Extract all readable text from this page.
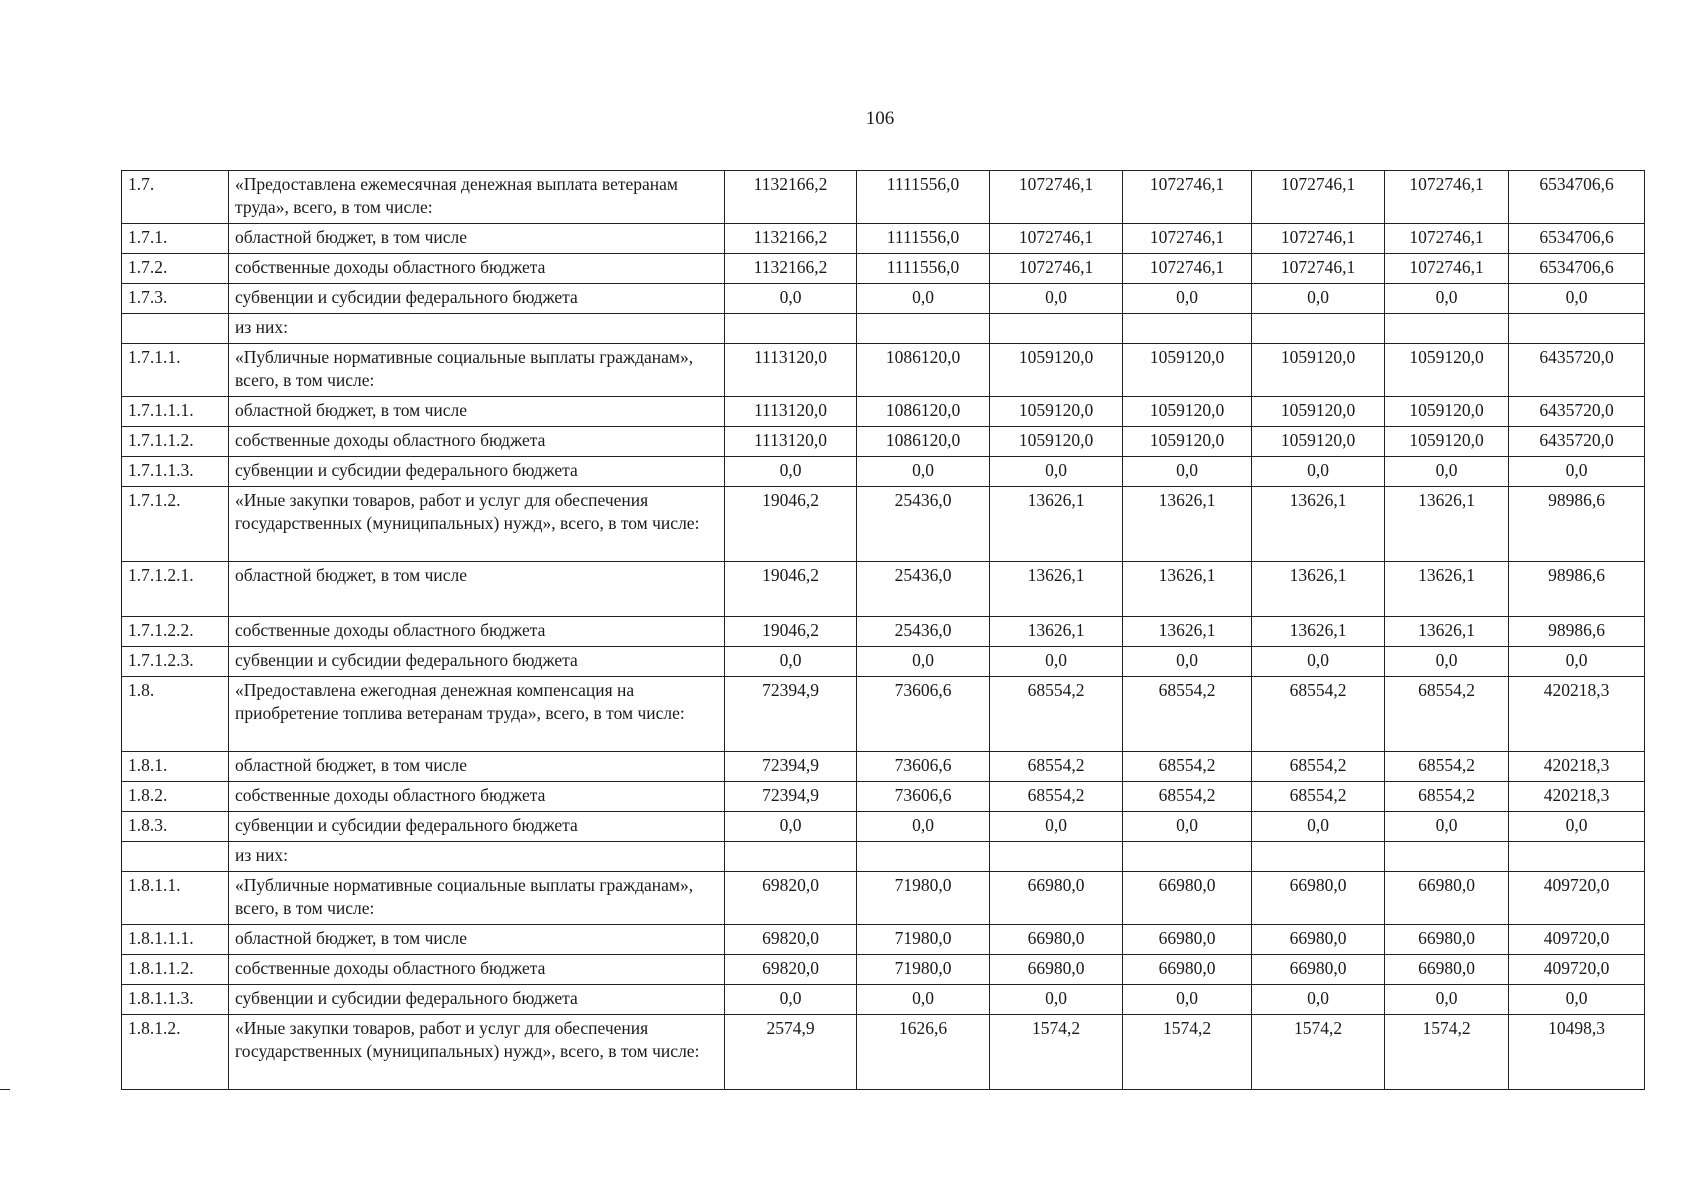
106
1.7.	«Предоставлена ежемесячная денежная выплата ветеранам труда», всего, в том числе:	1132166,2	1111556,0	1072746,1	1072746,1	1072746,1	1072746,1	6534706,6
1.7.1.	областной бюджет, в том числе	1132166,2	1111556,0	1072746,1	1072746,1	1072746,1	1072746,1	6534706,6
1.7.2.	собственные доходы областного бюджета	1132166,2	1111556,0	1072746,1	1072746,1	1072746,1	1072746,1	6534706,6
1.7.3.	субвенции и субсидии федерального бюджета	0,0	0,0	0,0	0,0	0,0	0,0	0,0
	из них:							
1.7.1.1.	«Публичные нормативные социальные выплаты гражданам», всего, в том числе:	1113120,0	1086120,0	1059120,0	1059120,0	1059120,0	1059120,0	6435720,0
1.7.1.1.1.	областной бюджет, в том числе	1113120,0	1086120,0	1059120,0	1059120,0	1059120,0	1059120,0	6435720,0
1.7.1.1.2.	собственные доходы областного бюджета	1113120,0	1086120,0	1059120,0	1059120,0	1059120,0	1059120,0	6435720,0
1.7.1.1.3.	субвенции и субсидии федерального бюджета	0,0	0,0	0,0	0,0	0,0	0,0	0,0
1.7.1.2.	«Иные закупки товаров, работ и услуг для обеспечения государственных (муниципальных) нужд», всего, в том числе:	19046,2	25436,0	13626,1	13626,1	13626,1	13626,1	98986,6
1.7.1.2.1.	областной бюджет, в том числе	19046,2	25436,0	13626,1	13626,1	13626,1	13626,1	98986,6
1.7.1.2.2.	собственные доходы областного бюджета	19046,2	25436,0	13626,1	13626,1	13626,1	13626,1	98986,6
1.7.1.2.3.	субвенции и субсидии федерального бюджета	0,0	0,0	0,0	0,0	0,0	0,0	0,0
1.8.	«Предоставлена ежегодная денежная компенсация на приобретение топлива ветеранам труда», всего, в том числе:	72394,9	73606,6	68554,2	68554,2	68554,2	68554,2	420218,3
1.8.1.	областной бюджет, в том числе	72394,9	73606,6	68554,2	68554,2	68554,2	68554,2	420218,3
1.8.2.	собственные доходы областного бюджета	72394,9	73606,6	68554,2	68554,2	68554,2	68554,2	420218,3
1.8.3.	субвенции и субсидии федерального бюджета	0,0	0,0	0,0	0,0	0,0	0,0	0,0
	из них:							
1.8.1.1.	«Публичные нормативные социальные выплаты гражданам», всего, в том числе:	69820,0	71980,0	66980,0	66980,0	66980,0	66980,0	409720,0
1.8.1.1.1.	областной бюджет, в том числе	69820,0	71980,0	66980,0	66980,0	66980,0	66980,0	409720,0
1.8.1.1.2.	собственные доходы областного бюджета	69820,0	71980,0	66980,0	66980,0	66980,0	66980,0	409720,0
1.8.1.1.3.	субвенции и субсидии федерального бюджета	0,0	0,0	0,0	0,0	0,0	0,0	0,0
1.8.1.2.	«Иные закупки товаров, работ и услуг для обеспечения государственных (муниципальных) нужд», всего, в том числе:	2574,9	1626,6	1574,2	1574,2	1574,2	1574,2	10498,3
